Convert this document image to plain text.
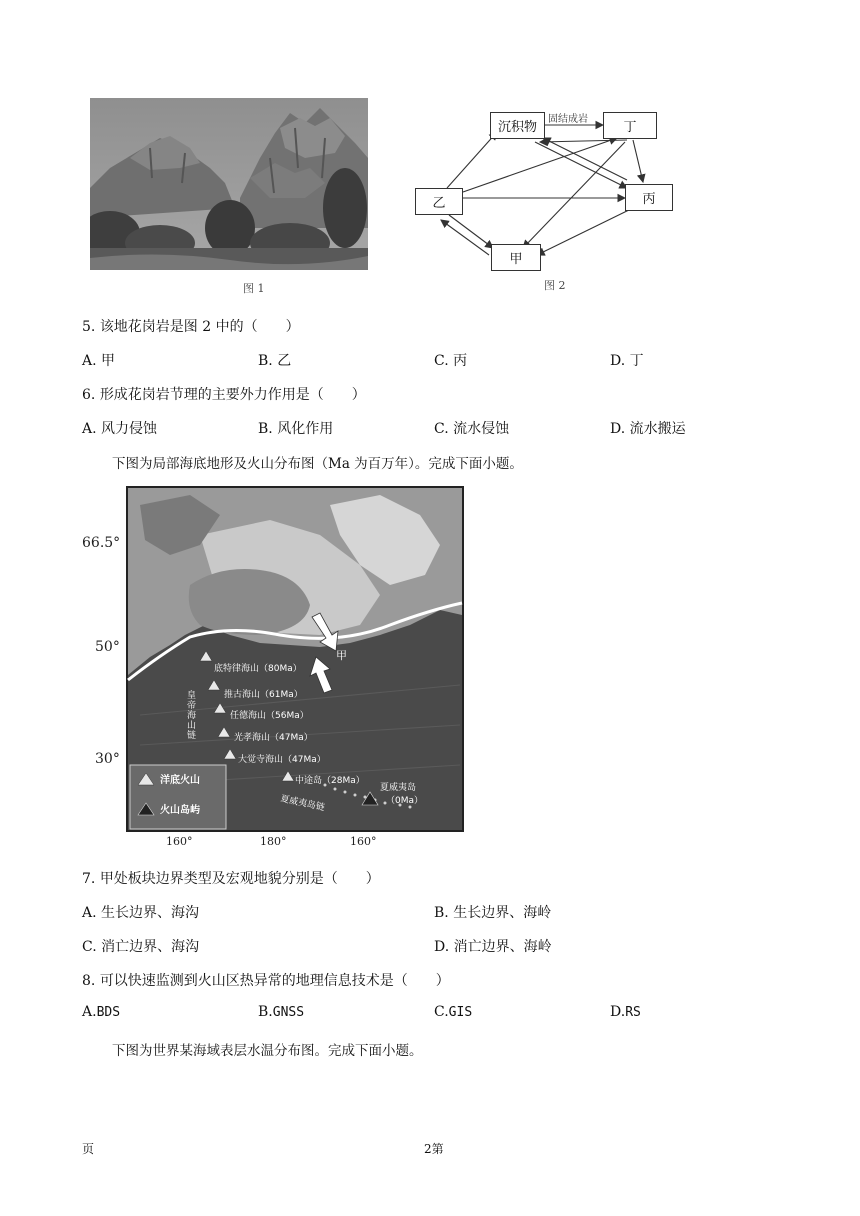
图 1
固结成岩
沉积物	丁
乙	丙
甲
图 2
5. 该地花岗岩是图 2 中的（　　）
A. 甲	B. 乙	C. 丙	D. 丁
6. 形成花岗岩节理的主要外力作用是（　　）
A. 风力侵蚀	B. 风化作用	C. 流水侵蚀	D. 流水搬运
下图为局部海底地形及火山分布图（Ma 为百万年）。完成下面小题。
66.5°
50°
30°
甲
底特律海山（80Ma）
推古海山（61Ma）
任德海山（56Ma）
光孝海山（47Ma）
大觉寺海山（47Ma）
中途岛（28Ma）
夏威夷岛
（0Ma）
夏威夷岛链
皇帝海山链
洋底火山
火山岛屿
160°	180°	160°
7. 甲处板块边界类型及宏观地貌分别是（　　）
A. 生长边界、海沟	B. 生长边界、海岭
C. 消亡边界、海沟	D. 消亡边界、海岭
8. 可以快速监测到火山区热异常的地理信息技术是（　　）
A.BDS	B.GNSS	C.GIS	D.RS
下图为世界某海域表层水温分布图。完成下面小题。
页	2第
